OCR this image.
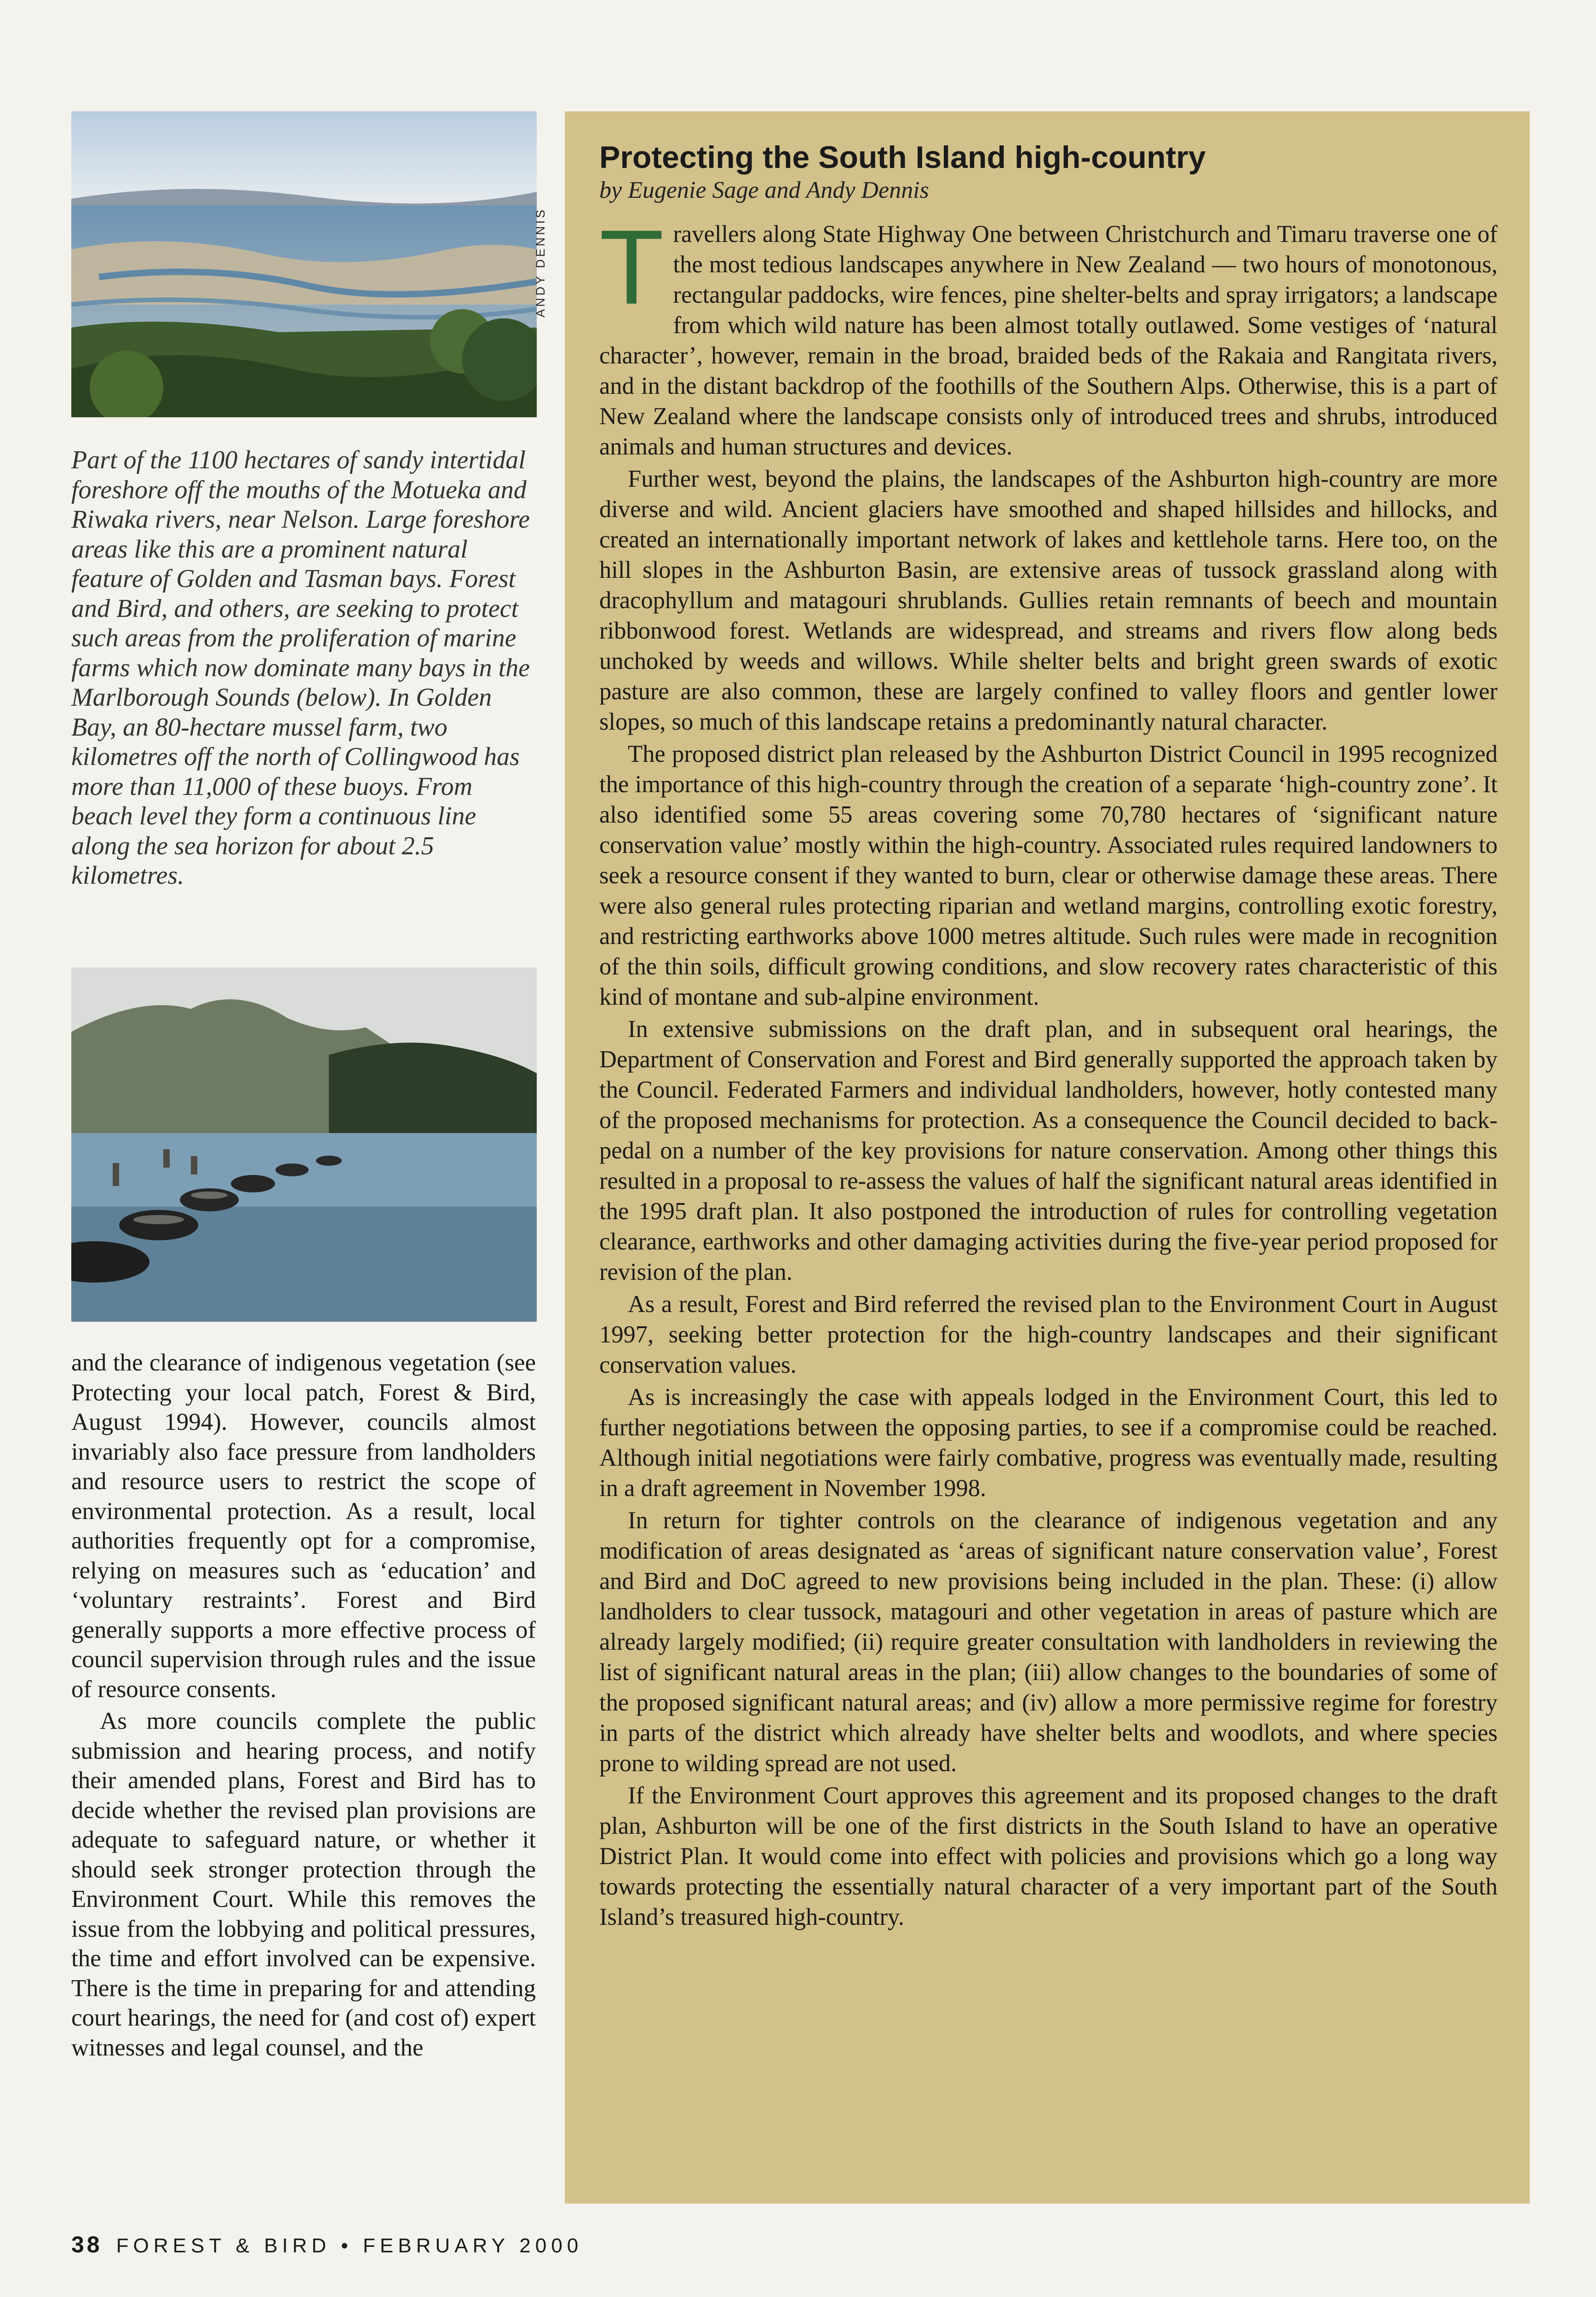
ANDY DENNIS

Part of the 1100 hectares of sandy intertidal foreshore off the mouths of the Motueka and Riwaka rivers, near Nelson. Large foreshore areas like this are a prominent natural feature of Golden and Tasman bays. Forest and Bird, and others, are seeking to protect such areas from the proliferation of marine farms which now dominate many bays in the Marlborough Sounds (below). In Golden Bay, an 80-hectare mussel farm, two kilometres off the north of Collingwood has more than 11,000 of these buoys. From beach level they form a continuous line along the sea horizon for about 2.5 kilometres.

and the clearance of indigenous vegetation (see Protecting your local patch, Forest & Bird, August 1994). However, councils almost invariably also face pressure from landholders and resource users to restrict the scope of environmental protection. As a result, local authorities frequently opt for a compromise, relying on measures such as ‘education’ and ‘voluntary restraints’. Forest and Bird generally supports a more effective process of council supervision through rules and the issue of resource consents.

As more councils complete the public submission and hearing process, and notify their amended plans, Forest and Bird has to decide whether the revised plan provisions are adequate to safeguard nature, or whether it should seek stronger protection through the Environment Court. While this removes the issue from the lobbying and political pressures, the time and effort involved can be expensive. There is the time in preparing for and attending court hearings, the need for (and cost of) expert witnesses and legal counsel, and the

Protecting the South Island high-country

by Eugenie Sage and Andy Dennis

Travellers along State Highway One between Christchurch and Timaru traverse one of the most tedious landscapes anywhere in New Zealand — two hours of monotonous, rectangular paddocks, wire fences, pine shelter-belts and spray irrigators; a landscape from which wild nature has been almost totally outlawed. Some vestiges of ‘natural character’, however, remain in the broad, braided beds of the Rakaia and Rangitata rivers, and in the distant backdrop of the foothills of the Southern Alps. Otherwise, this is a part of New Zealand where the landscape consists only of introduced trees and shrubs, introduced animals and human structures and devices.

Further west, beyond the plains, the landscapes of the Ashburton high-country are more diverse and wild. Ancient glaciers have smoothed and shaped hillsides and hillocks, and created an internationally important network of lakes and kettlehole tarns. Here too, on the hill slopes in the Ashburton Basin, are extensive areas of tussock grassland along with dracophyllum and matagouri shrublands. Gullies retain remnants of beech and mountain ribbonwood forest. Wetlands are widespread, and streams and rivers flow along beds unchoked by weeds and willows. While shelter belts and bright green swards of exotic pasture are also common, these are largely confined to valley floors and gentler lower slopes, so much of this landscape retains a predominantly natural character.

The proposed district plan released by the Ashburton District Council in 1995 recognized the importance of this high-country through the creation of a separate ‘high-country zone’. It also identified some 55 areas covering some 70,780 hectares of ‘significant nature conservation value’ mostly within the high-country. Associated rules required landowners to seek a resource consent if they wanted to burn, clear or otherwise damage these areas. There were also general rules protecting riparian and wetland margins, controlling exotic forestry, and restricting earthworks above 1000 metres altitude. Such rules were made in recognition of the thin soils, difficult growing conditions, and slow recovery rates characteristic of this kind of montane and sub-alpine environment.

In extensive submissions on the draft plan, and in subsequent oral hearings, the Department of Conservation and Forest and Bird generally supported the approach taken by the Council. Federated Farmers and individual landholders, however, hotly contested many of the proposed mechanisms for protection. As a consequence the Council decided to back-pedal on a number of the key provisions for nature conservation. Among other things this resulted in a proposal to re-assess the values of half the significant natural areas identified in the 1995 draft plan. It also postponed the introduction of rules for controlling vegetation clearance, earthworks and other damaging activities during the five-year period proposed for revision of the plan.

As a result, Forest and Bird referred the revised plan to the Environment Court in August 1997, seeking better protection for the high-country landscapes and their significant conservation values.

As is increasingly the case with appeals lodged in the Environment Court, this led to further negotiations between the opposing parties, to see if a compromise could be reached. Although initial negotiations were fairly combative, progress was eventually made, resulting in a draft agreement in November 1998.

In return for tighter controls on the clearance of indigenous vegetation and any modification of areas designated as ‘areas of significant nature conservation value’, Forest and Bird and DoC agreed to new provisions being included in the plan. These: (i) allow landholders to clear tussock, matagouri and other vegetation in areas of pasture which are already largely modified; (ii) require greater consultation with landholders in reviewing the list of significant natural areas in the plan; (iii) allow changes to the boundaries of some of the proposed significant natural areas; and (iv) allow a more permissive regime for forestry in parts of the district which already have shelter belts and woodlots, and where species prone to wilding spread are not used.

If the Environment Court approves this agreement and its proposed changes to the draft plan, Ashburton will be one of the first districts in the South Island to have an operative District Plan. It would come into effect with policies and provisions which go a long way towards protecting the essentially natural character of a very important part of the South Island’s treasured high-country.

38 FOREST & BIRD • FEBRUARY 2000
